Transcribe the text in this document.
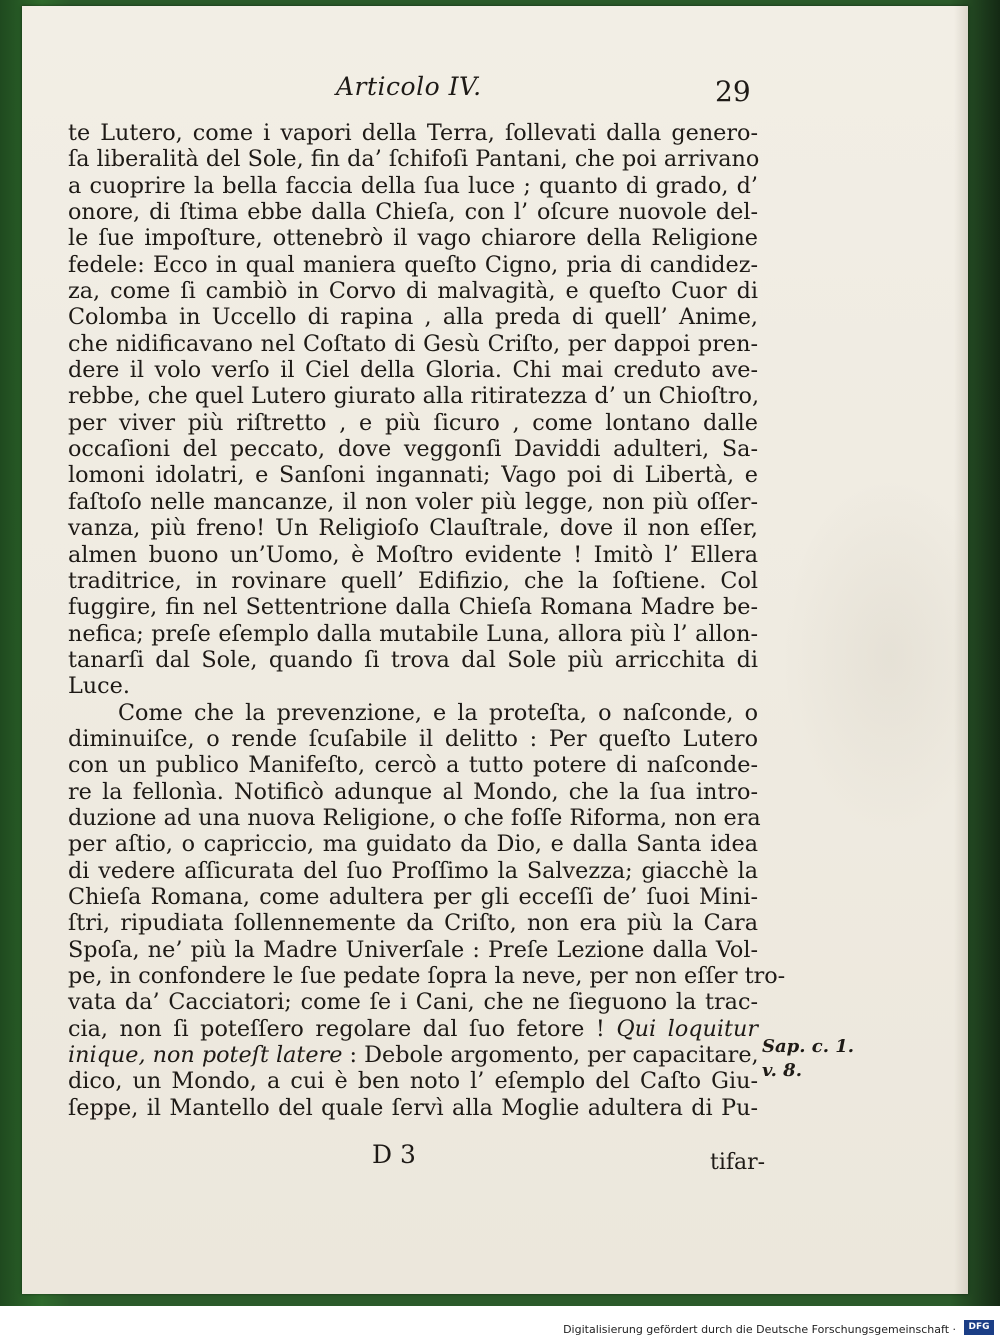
Articolo IV.	29
te Lutero, come i vapori della Terra, ſollevati dalla genero-
ſa liberalità del Sole, fin da’ ſchifoſi Pantani, che poi arrivano
a cuoprire la bella faccia della ſua luce ; quanto di grado, d’
onore, di ſtima ebbe dalla Chieſa, con l’ oſcure nuovole del-
le ſue impoſture, ottenebrò il vago chiarore della Religione
fedele: Ecco in qual maniera queſto Cigno, pria di candidez-
za, come ſi cambiò in Corvo di malvagità, e queſto Cuor di
Colomba in Uccello di rapina , alla preda di quell’ Anime,
che nidificavano nel Coſtato di Gesù Criſto, per dappoi pren-
dere il volo verſo il Ciel della Gloria. Chi mai creduto ave-
rebbe, che quel Lutero giurato alla ritiratezza d’ un Chioſtro,
per viver più riſtretto , e più ſicuro , come lontano dalle
occaſioni del peccato, dove veggonſi Daviddi adulteri, Sa-
lomoni idolatri, e Sanſoni ingannati; Vago poi di Libertà, e
faſtoſo nelle mancanze, il non voler più legge, non più oſſer-
vanza, più freno! Un Religioſo Clauſtrale, dove il non eſſer,
almen buono un’Uomo, è Moſtro evidente ! Imitò l’ Ellera
traditrice, in rovinare quell’ Edifizio, che la ſoſtiene. Col
fuggire, fin nel Settentrione dalla Chieſa Romana Madre be-
nefica; preſe eſemplo dalla mutabile Luna, allora più l’ allon-
tanarſi dal Sole, quando ſi trova dal Sole più arricchita di
Luce.
Come che la prevenzione, e la proteſta, o naſconde, o
diminuiſce, o rende ſcuſabile il delitto : Per queſto Lutero
con un publico Manifeſto, cercò a tutto potere di naſconde-
re la fellonìa. Notificò adunque al Mondo, che la ſua intro-
duzione ad una nuova Religione, o che foſſe Riforma, non era
per aſtio, o capriccio, ma guidato da Dio, e dalla Santa idea
di vedere aſſicurata del ſuo Proſſimo la Salvezza; giacchè la
Chieſa Romana, come adultera per gli ecceſſi de’ ſuoi Mini-
ſtri, ripudiata ſollennemente da Criſto, non era più la Cara
Spoſa, ne’ più la Madre Univerſale : Preſe Lezione dalla Vol-
pe, in confondere le ſue pedate ſopra la neve, per non eſſer tro-
vata da’ Cacciatori; come ſe i Cani, che ne ſieguono la trac-
cia, non ſi poteſſero regolare dal ſuo fetore ! Qui loquitur
inique, non poteſt latere : Debole argomento, per capacitare,
dico, un Mondo, a cui è ben noto l’ eſemplo del Caſto Giu-
ſeppe, il Mantello del quale ſervì alla Moglie adultera di Pu-
Sap. c. 1.
v. 8.
D 3	tifar-
Digitalisierung gefördert durch die Deutsche Forschungsgemeinschaft ·	DFG
